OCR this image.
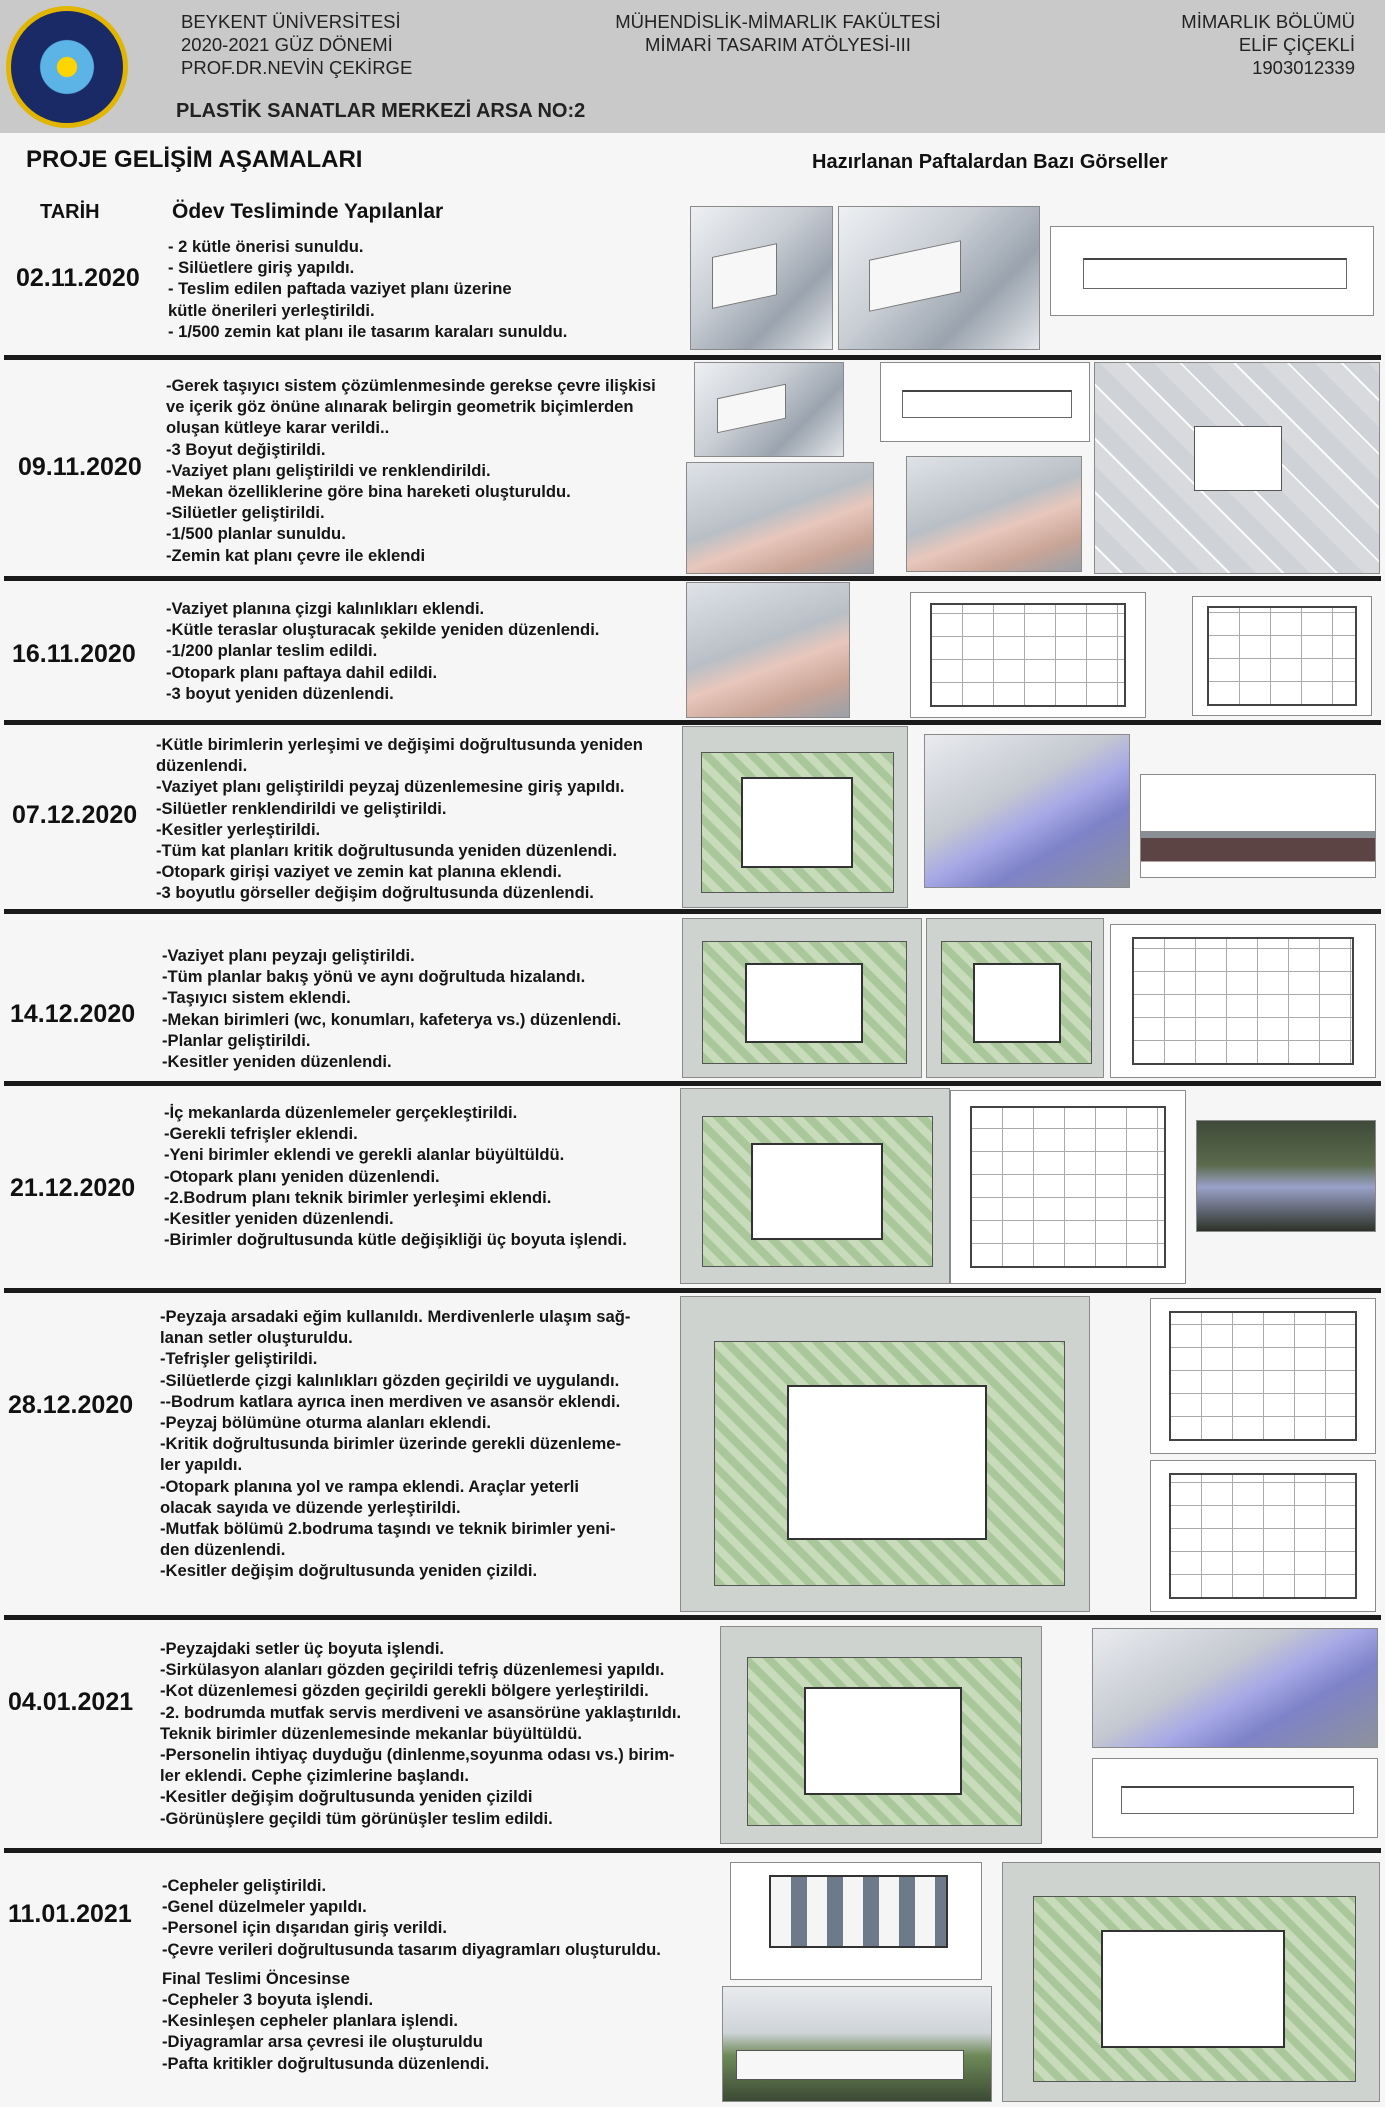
BEYKENT ÜNİVERSİTESİ
2020-2021 GÜZ DÖNEMİ
PROF.DR.NEVİN ÇEKİRGE
MÜHENDİSLİK-MİMARLIK FAKÜLTESİ
MİMARİ TASARIM ATÖLYESİ-III
MİMARLIK BÖLÜMÜ
ELİF ÇİÇEKLİ
1903012339
PLASTİK SANATLAR MERKEZİ ARSA NO:2
PROJE GELİŞİM AŞAMALARI	Hazırlanan Paftalardan Bazı Görseller
TARİH	Ödev Tesliminde Yapılanlar
02.11.2020
- 2 kütle önerisi sunuldu.
- Silüetlere giriş yapıldı.
- Teslim edilen paftada vaziyet planı üzerine
kütle önerileri yerleştirildi.
- 1/500 zemin kat planı ile tasarım karaları sunuldu.
09.11.2020
-Gerek taşıyıcı sistem çözümlenmesinde gerekse çevre ilişkisi
ve içerik göz önüne alınarak belirgin geometrik biçimlerden
oluşan kütleye karar verildi..
-3 Boyut değiştirildi.
-Vaziyet planı geliştirildi ve renklendirildi.
-Mekan özelliklerine göre bina hareketi oluşturuldu.
-Silüetler geliştirildi.
-1/500 planlar sunuldu.
-Zemin kat planı çevre ile eklendi
16.11.2020
-Vaziyet planına çizgi kalınlıkları eklendi.
-Kütle teraslar oluşturacak şekilde yeniden düzenlendi.
-1/200 planlar teslim edildi.
-Otopark planı paftaya dahil edildi.
-3 boyut yeniden düzenlendi.
07.12.2020
-Kütle birimlerin yerleşimi ve değişimi doğrultusunda yeniden
düzenlendi.
-Vaziyet planı geliştirildi peyzaj düzenlemesine giriş yapıldı.
-Silüetler renklendirildi ve geliştirildi.
-Kesitler yerleştirildi.
-Tüm kat planları kritik doğrultusunda yeniden düzenlendi.
-Otopark girişi vaziyet ve zemin kat planına eklendi.
-3 boyutlu görseller değişim doğrultusunda düzenlendi.
14.12.2020
-Vaziyet planı peyzajı geliştirildi.
-Tüm planlar bakış yönü ve aynı doğrultuda hizalandı.
-Taşıyıcı sistem eklendi.
-Mekan birimleri (wc, konumları, kafeterya vs.) düzenlendi.
-Planlar geliştirildi.
-Kesitler yeniden düzenlendi.
21.12.2020
-İç mekanlarda düzenlemeler gerçekleştirildi.
-Gerekli tefrişler eklendi.
-Yeni birimler eklendi ve gerekli alanlar büyültüldü.
-Otopark planı yeniden düzenlendi.
-2.Bodrum planı teknik birimler yerleşimi eklendi.
-Kesitler yeniden düzenlendi.
-Birimler doğrultusunda kütle değişikliği üç boyuta işlendi.
28.12.2020
-Peyzaja arsadaki eğim kullanıldı. Merdivenlerle ulaşım sağ-
lanan setler oluşturuldu.
-Tefrişler geliştirildi.
-Silüetlerde çizgi kalınlıkları gözden geçirildi ve uygulandı.
--Bodrum katlara ayrıca inen merdiven ve asansör eklendi.
-Peyzaj bölümüne oturma alanları eklendi.
-Kritik doğrultusunda birimler üzerinde gerekli düzenleme-
ler yapıldı.
-Otopark planına yol ve rampa eklendi. Araçlar yeterli
olacak sayıda ve düzende yerleştirildi.
-Mutfak bölümü 2.bodruma taşındı ve teknik birimler yeni-
den düzenlendi.
-Kesitler değişim doğrultusunda yeniden çizildi.
04.01.2021
-Peyzajdaki setler üç boyuta işlendi.
-Sirkülasyon alanları gözden geçirildi tefriş düzenlemesi yapıldı.
-Kot düzenlemesi gözden geçirildi gerekli bölgere yerleştirildi.
-2. bodrumda mutfak servis merdiveni ve asansörüne yaklaştırıldı.
Teknik birimler düzenlemesinde mekanlar büyültüldü.
-Personelin ihtiyaç duyduğu (dinlenme,soyunma odası vs.) birim-
ler eklendi. Cephe çizimlerine başlandı.
-Kesitler değişim doğrultusunda yeniden çizildi
-Görünüşlere geçildi tüm görünüşler teslim edildi.
11.01.2021
-Cepheler geliştirildi.
-Genel düzelmeler yapıldı.
-Personel için dışarıdan giriş verildi.
-Çevre verileri doğrultusunda tasarım diyagramları oluşturuldu.
Final Teslimi Öncesinse
-Cepheler 3 boyuta işlendi.
-Kesinleşen cepheler planlara işlendi.
-Diyagramlar arsa çevresi ile oluşturuldu
-Pafta kritikler doğrultusunda düzenlendi.
